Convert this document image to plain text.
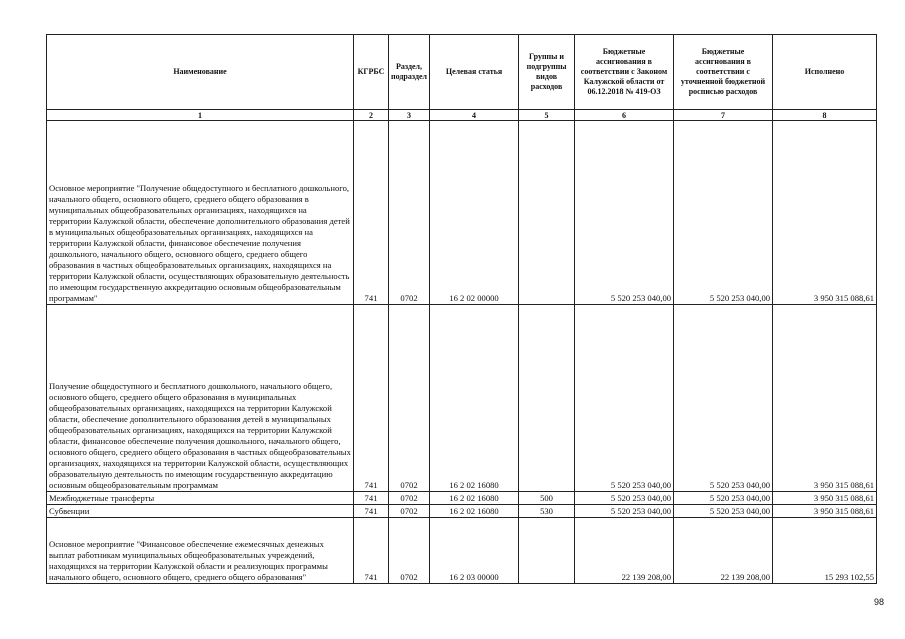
Наименование	КГРБС	Раздел, подраздел	Целевая статья	Группы и подгруппы видов расходов	Бюджетные ассигнования в соответствии с Законом Калужской области от 06.12.2018 № 419-ОЗ	Бюджетные ассигнования в соответствии с уточненной бюджетной росписью расходов	Исполнено
1	2	3	4	5	6	7	8
Основное мероприятие "Получение общедоступного и бесплатного дошкольного, начального общего, основного общего, среднего общего образования в муниципальных общеобразовательных организациях, находящихся на территории Калужской области, обеспечение дополнительного образования детей в муниципальных общеобразовательных организациях, находящихся на территории Калужской области, финансовое обеспечение получения дошкольного, начального общего, основного общего, среднего общего образования в частных общеобразовательных организациях, находящихся на территории Калужской области, осуществляющих образовательную деятельность по имеющим государственную аккредитацию основным общеобразовательным программам"	741	0702	16 2 02 00000		5 520 253 040,00	5 520 253 040,00	3 950 315 088,61
Получение общедоступного и бесплатного дошкольного, начального общего, основного общего, среднего общего образования в муниципальных общеобразовательных организациях, находящихся на территории Калужской области, обеспечение дополнительного образования детей в муниципальных общеобразовательных организациях, находящихся на территории Калужской области, финансовое обеспечение получения дошкольного, начального общего, основного общего, среднего общего образования в частных общеобразовательных организациях, находящихся на территории Калужской области, осуществляющих образовательную деятельность по имеющим государственную аккредитацию основным общеобразовательным программам	741	0702	16 2 02 16080		5 520 253 040,00	5 520 253 040,00	3 950 315 088,61
Межбюджетные трансферты	741	0702	16 2 02 16080	500	5 520 253 040,00	5 520 253 040,00	3 950 315 088,61
Субвенции	741	0702	16 2 02 16080	530	5 520 253 040,00	5 520 253 040,00	3 950 315 088,61
Основное мероприятие "Финансовое обеспечение ежемесячных денежных выплат работникам муниципальных общеобразовательных учреждений, находящихся на территории Калужской области и реализующих программы начального общего, основного общего, среднего общего образования"	741	0702	16 2 03 00000		22 139 208,00	22 139 208,00	15 293 102,55
98
